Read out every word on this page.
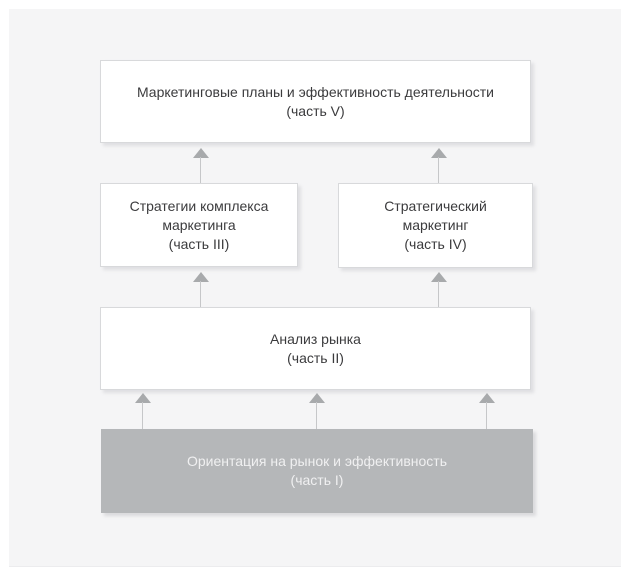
Маркетинговые планы и эффективность деятельности
(часть V)
Стратегии комплекса маркетинга
(часть III)
Стратегический маркетинг
(часть IV)
Анализ рынка
(часть II)
Ориентация на рынок и эффективность
(часть I)
